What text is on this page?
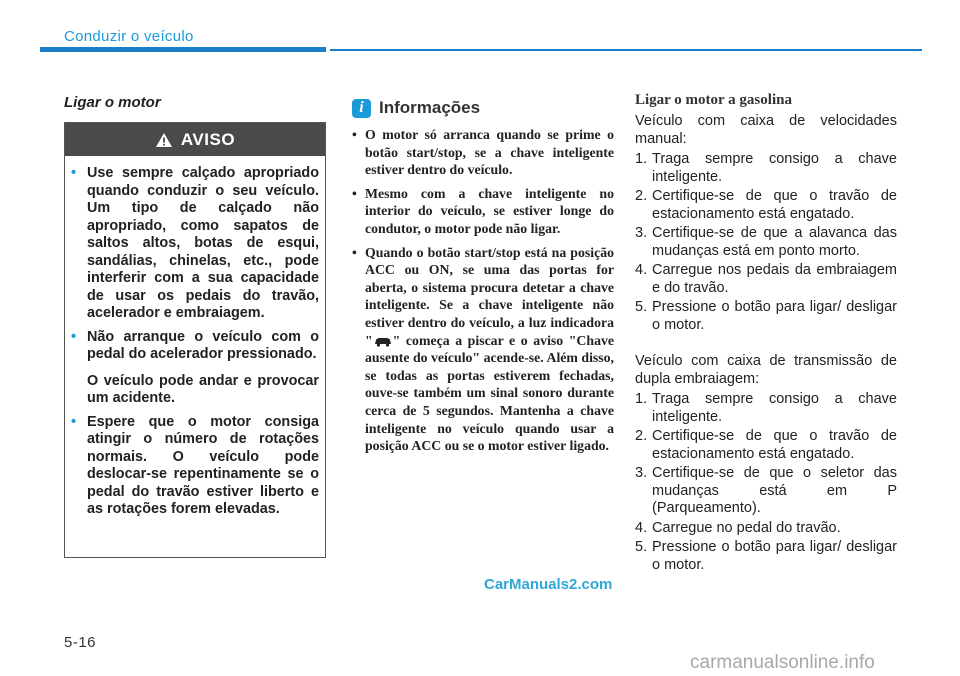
Conduzir o veículo
Ligar o motor
AVISO
• Use sempre calçado apropriado quando conduzir o seu veículo. Um tipo de calçado não apropriado, como sapatos de saltos altos, botas de esqui, sandálias, chinelas, etc., pode interferir com a sua capacidade de usar os pedais do travão, acelerador e embraiagem.

• Não arranque o veículo com o pedal do acelerador pressionado.

O veículo pode andar e provocar um acidente.

• Espere que o motor consiga atingir o número de rotações normais. O veículo pode deslocar-se repentinamente se o pedal do travão estiver liberto e as rotações forem elevadas.

i Informações
• O motor só arranca quando se prime o botão start/stop, se a chave inteligente estiver dentro do veículo.
• Mesmo com a chave inteligente no interior do veículo, se estiver longe do condutor, o motor pode não ligar.
• Quando o botão start/stop está na posição ACC ou ON, se uma das portas for aberta, o sistema procura detetar a chave inteligente. Se a chave inteligente não estiver dentro do veículo, a luz indicadora " " começa a piscar e o aviso "Chave ausente do veículo" acende-se. Além disso, se todas as portas estiverem fechadas, ouve-se também um sinal sonoro durante cerca de 5 segundos. Mantenha a chave inteligente no veículo quando usar a posição ACC ou se o motor estiver ligado.
Ligar o motor a gasolina

Veículo com caixa de velocidades manual:

1. Traga sempre consigo a chave inteligente.
2. Certifique-se de que o travão de estacionamento está engatado.
3. Certifique-se de que a alavanca das mudanças está em ponto morto.
4. Carregue nos pedais da embraiagem e do travão.
5. Pressione o botão para ligar/ desligar o motor.

Veículo com caixa de transmissão de dupla embraiagem:

1. Traga sempre consigo a chave inteligente.
2. Certifique-se de que o travão de estacionamento está engatado.
3. Certifique-se de que o seletor das mudanças está em P (Parqueamento).
4. Carregue no pedal do travão.
5. Pressione o botão para ligar/ desligar o motor.
CarManuals2.com
5-16
carmanualsonline.info
